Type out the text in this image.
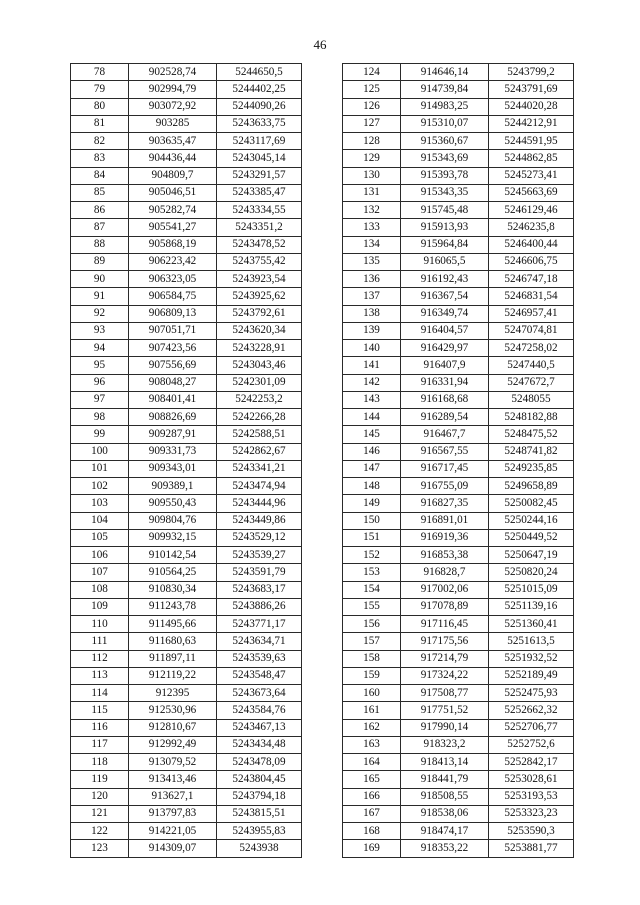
46
78	902528,74	5244650,5
79	902994,79	5244402,25
80	903072,92	5244090,26
81	903285	5243633,75
82	903635,47	5243117,69
83	904436,44	5243045,14
84	904809,7	5243291,57
85	905046,51	5243385,47
86	905282,74	5243334,55
87	905541,27	5243351,2
88	905868,19	5243478,52
89	906223,42	5243755,42
90	906323,05	5243923,54
91	906584,75	5243925,62
92	906809,13	5243792,61
93	907051,71	5243620,34
94	907423,56	5243228,91
95	907556,69	5243043,46
96	908048,27	5242301,09
97	908401,41	5242253,2
98	908826,69	5242266,28
99	909287,91	5242588,51
100	909331,73	5242862,67
101	909343,01	5243341,21
102	909389,1	5243474,94
103	909550,43	5243444,96
104	909804,76	5243449,86
105	909932,15	5243529,12
106	910142,54	5243539,27
107	910564,25	5243591,79
108	910830,34	5243683,17
109	911243,78	5243886,26
110	911495,66	5243771,17
111	911680,63	5243634,71
112	911897,11	5243539,63
113	912119,22	5243548,47
114	912395	5243673,64
115	912530,96	5243584,76
116	912810,67	5243467,13
117	912992,49	5243434,48
118	913079,52	5243478,09
119	913413,46	5243804,45
120	913627,1	5243794,18
121	913797,83	5243815,51
122	914221,05	5243955,83
123	914309,07	5243938
124	914646,14	5243799,2
125	914739,84	5243791,69
126	914983,25	5244020,28
127	915310,07	5244212,91
128	915360,67	5244591,95
129	915343,69	5244862,85
130	915393,78	5245273,41
131	915343,35	5245663,69
132	915745,48	5246129,46
133	915913,93	5246235,8
134	915964,84	5246400,44
135	916065,5	5246606,75
136	916192,43	5246747,18
137	916367,54	5246831,54
138	916349,74	5246957,41
139	916404,57	5247074,81
140	916429,97	5247258,02
141	916407,9	5247440,5
142	916331,94	5247672,7
143	916168,68	5248055
144	916289,54	5248182,88
145	916467,7	5248475,52
146	916567,55	5248741,82
147	916717,45	5249235,85
148	916755,09	5249658,89
149	916827,35	5250082,45
150	916891,01	5250244,16
151	916919,36	5250449,52
152	916853,38	5250647,19
153	916828,7	5250820,24
154	917002,06	5251015,09
155	917078,89	5251139,16
156	917116,45	5251360,41
157	917175,56	5251613,5
158	917214,79	5251932,52
159	917324,22	5252189,49
160	917508,77	5252475,93
161	917751,52	5252662,32
162	917990,14	5252706,77
163	918323,2	5252752,6
164	918413,14	5252842,17
165	918441,79	5253028,61
166	918508,55	5253193,53
167	918538,06	5253323,23
168	918474,17	5253590,3
169	918353,22	5253881,77
